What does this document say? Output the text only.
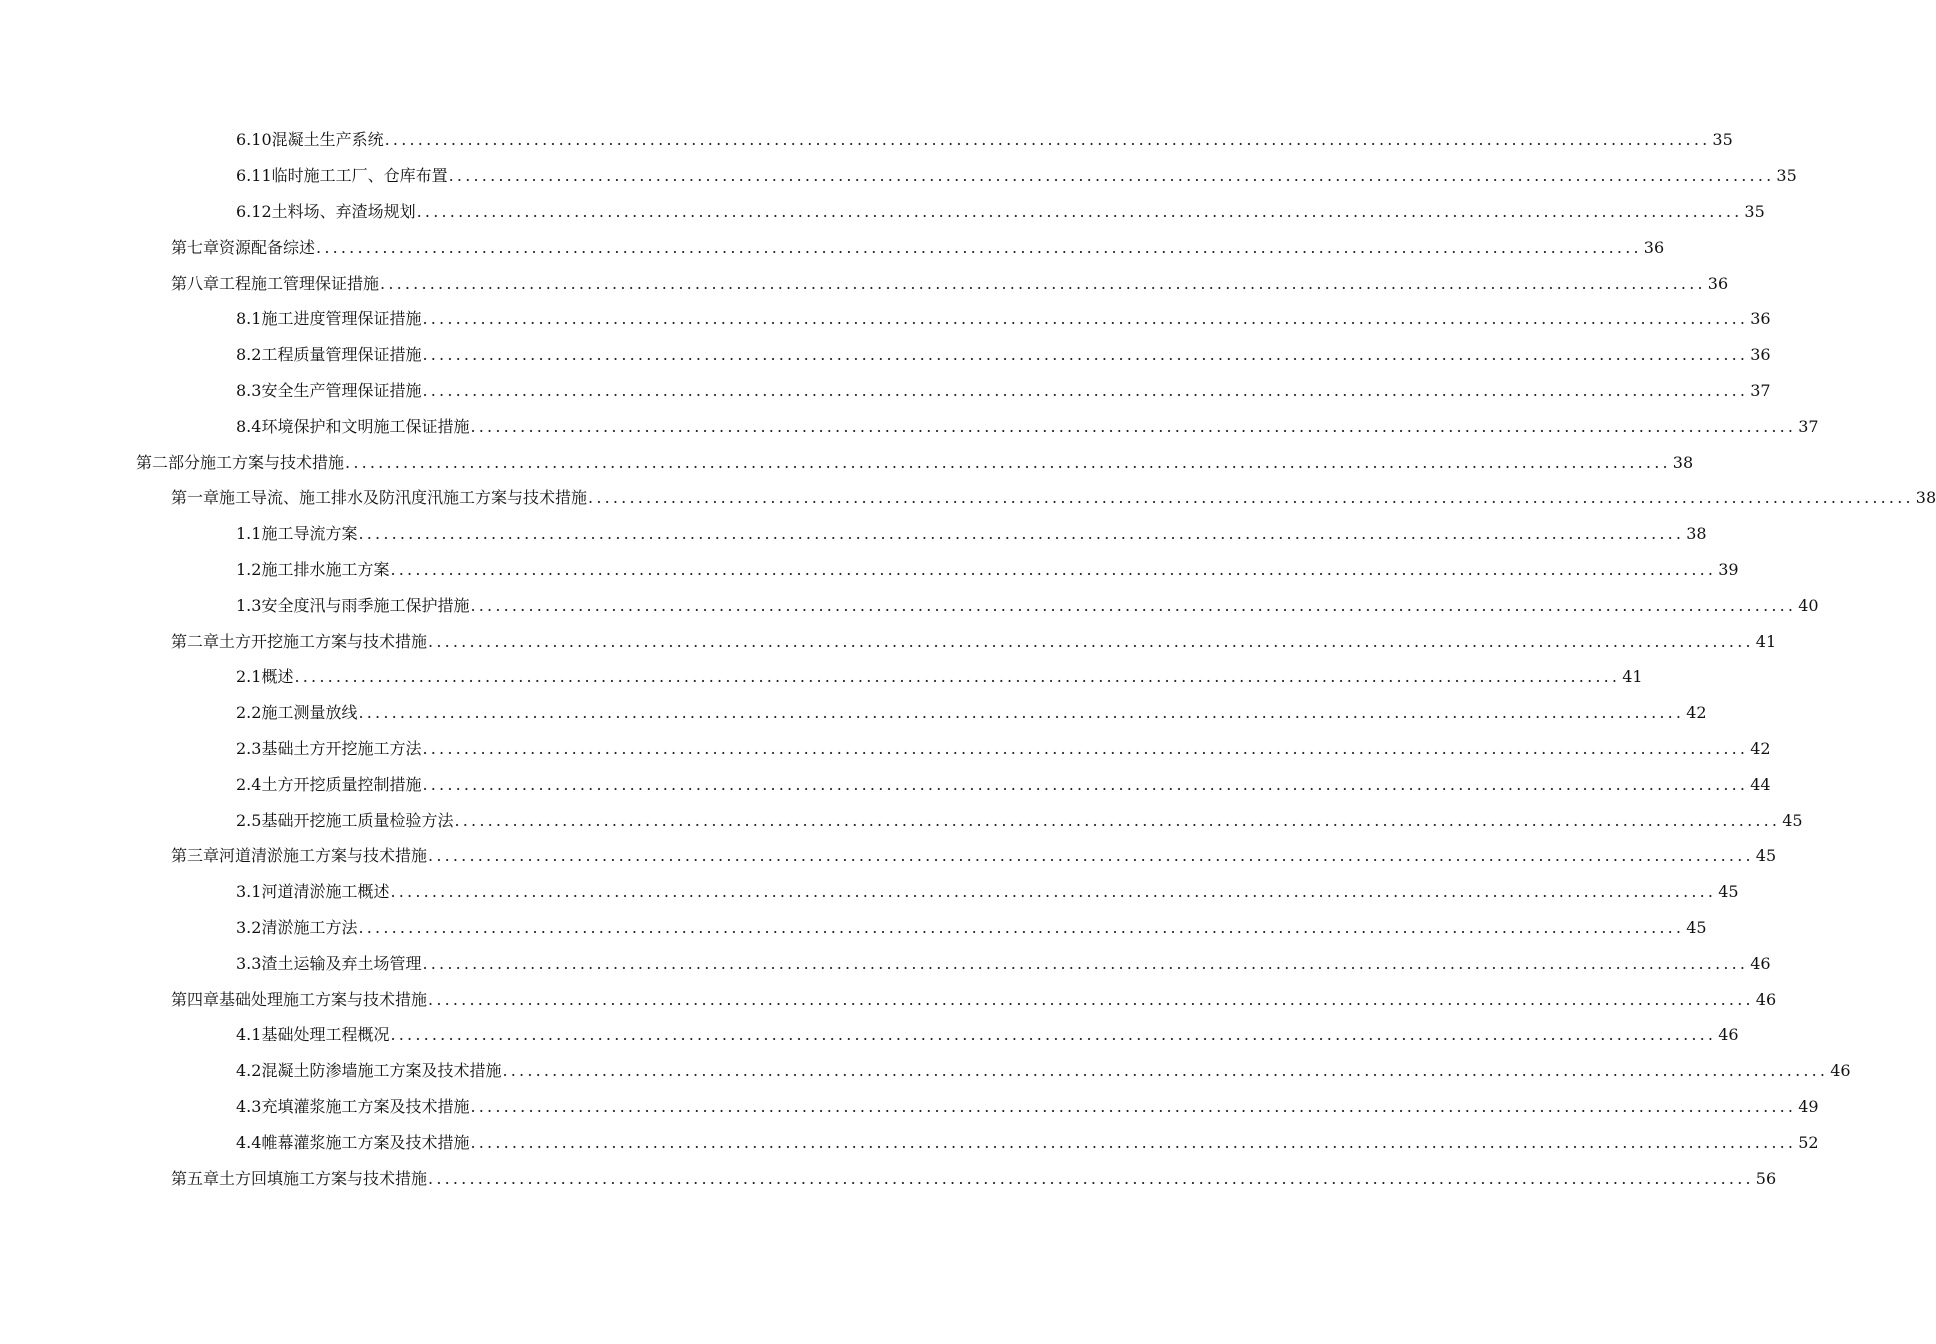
6.10 混凝土生产系统 ................................................................................................................................................................ 35
6.11 临时施工工厂、仓库布置 ................................................................................................................................................................ 35
6.12 土料场、弃渣场规划 ................................................................................................................................................................ 35
第七章 资源配备综述 ................................................................................................................................................................ 36
第八章 工程施工管理保证措施 ................................................................................................................................................................ 36
8.1 施工进度管理保证措施 ................................................................................................................................................................ 36
8.2 工程质量管理保证措施 ................................................................................................................................................................ 36
8.3 安全生产管理保证措施 ................................................................................................................................................................ 37
8.4 环境保护和文明施工保证措施 ................................................................................................................................................................ 37
第二部分 施工方案与技术措施 ................................................................................................................................................................ 38
第一章 施工导流、施工排水及防汛度汛施工方案与技术措施 ................................................................................................................................................................ 38
1.1 施工导流方案 ................................................................................................................................................................ 38
1.2 施工排水施工方案 ................................................................................................................................................................ 39
1.3 安全度汛与雨季施工保护措施 ................................................................................................................................................................ 40
第二章 土方开挖施工方案与技术措施 ................................................................................................................................................................ 41
2.1 概述 ................................................................................................................................................................ 41
2.2 施工测量放线 ................................................................................................................................................................ 42
2.3 基础土方开挖施工方法 ................................................................................................................................................................ 42
2.4 土方开挖质量控制措施 ................................................................................................................................................................ 44
2.5 基础开挖施工质量检验方法 ................................................................................................................................................................ 45
第三章 河道清淤施工方案与技术措施 ................................................................................................................................................................ 45
3.1 河道清淤施工概述 ................................................................................................................................................................ 45
3.2 清淤施工方法 ................................................................................................................................................................ 45
3.3 渣土运输及弃土场管理 ................................................................................................................................................................ 46
第四章 基础处理施工方案与技术措施 ................................................................................................................................................................ 46
4.1 基础处理工程概况 ................................................................................................................................................................ 46
4.2 混凝土防渗墙施工方案及技术措施 ................................................................................................................................................................ 46
4.3 充填灌浆施工方案及技术措施 ................................................................................................................................................................ 49
4.4 帷幕灌浆施工方案及技术措施 ................................................................................................................................................................ 52
第五章 土方回填施工方案与技术措施 ................................................................................................................................................................ 56
